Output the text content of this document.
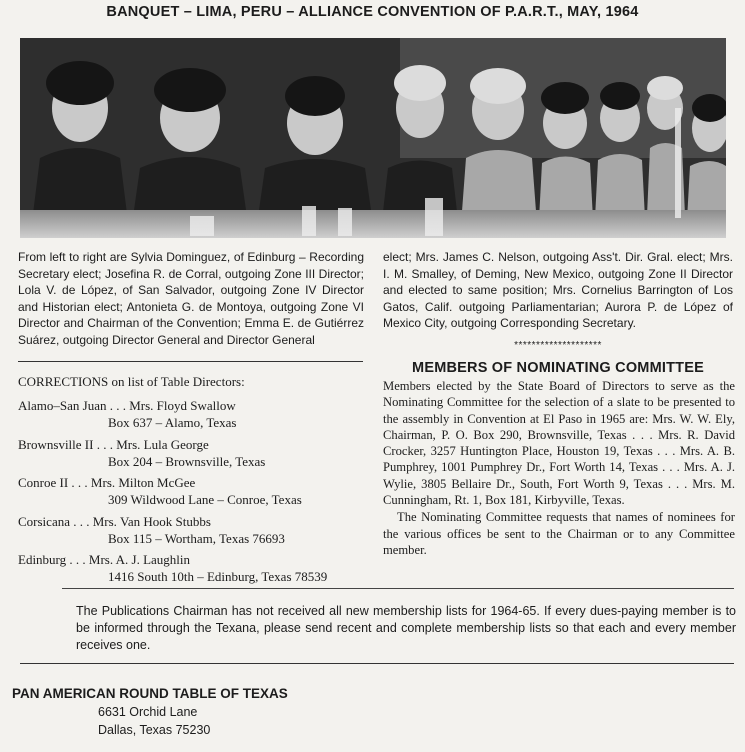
BANQUET – LIMA, PERU – ALLIANCE CONVENTION OF P.A.R.T., MAY, 1964
From left to right are Sylvia Dominguez, of Edinburg – Recording Secretary elect; Josefina R. de Corral, outgoing Zone III Director; Lola V. de López, of San Salvador, outgoing Zone IV Director and Historian elect; Antonieta G. de Montoya, outgoing Zone VI Director and Chairman of the Convention; Emma E. de Gutiérrez Suárez, outgoing Director General and Director General
elect; Mrs. James C. Nelson, outgoing Ass't. Dir. Gral. elect; Mrs. I. M. Smalley, of Deming, New Mexico, outgoing Zone II Director and elected to same position; Mrs. Cornelius Barrington of Los Gatos, Calif. outgoing Parliamentarian; Aurora P. de López of Mexico City, outgoing Corresponding Secretary.
********************
CORRECTIONS on list of Table Directors:
Alamo–San Juan . . . Mrs. Floyd Swallow
Box 637 – Alamo, Texas
Brownsville II . . . Mrs. Lula George
Box 204 – Brownsville, Texas
Conroe II . . . Mrs. Milton McGee
309 Wildwood Lane – Conroe, Texas
Corsicana . . . Mrs. Van Hook Stubbs
Box 115 – Wortham, Texas 76693
Edinburg . . . Mrs. A. J. Laughlin
1416 South 10th – Edinburg, Texas 78539
MEMBERS OF NOMINATING COMMITTEE

Members elected by the State Board of Directors to serve as the Nominating Committee for the selection of a slate to be presented to the assembly in Convention at El Paso in 1965 are: Mrs. W. W. Ely, Chairman, P. O. Box 290, Brownsville, Texas . . . Mrs. R. David Crocker, 3257 Huntington Place, Houston 19, Texas . . . Mrs. A. B. Pumphrey, 1001 Pumphrey Dr., Fort Worth 14, Texas . . . Mrs. A. J. Wylie, 3805 Bellaire Dr., South, Fort Worth 9, Texas . . . Mrs. M. Cunningham, Rt. 1, Box 181, Kirbyville, Texas.

The Nominating Committee requests that names of nominees for the various offices be sent to the Chairman or to any Committee member.

The Publications Chairman has not received all new membership lists for 1964-65. If every dues-paying member is to be informed through the Texana, please send recent and complete membership lists so that each and every member receives one.
PAN AMERICAN ROUND TABLE OF TEXAS
6631 Orchid Lane
Dallas, Texas 75230
